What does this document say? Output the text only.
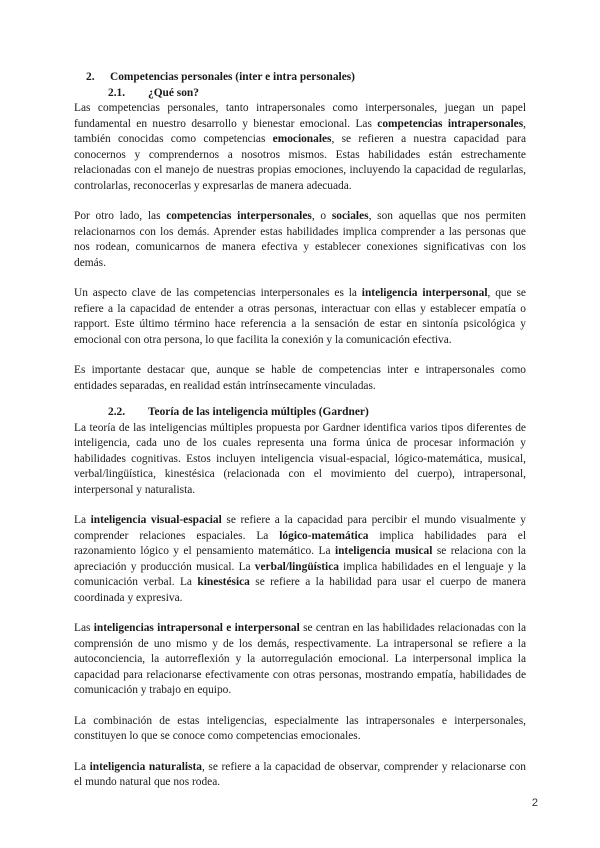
2. Competencias personales (inter e intra personales)
2.1. ¿Qué son?

Las competencias personales, tanto intrapersonales como interpersonales, juegan un papel fundamental en nuestro desarrollo y bienestar emocional. Las competencias intrapersonales, también conocidas como competencias emocionales, se refieren a nuestra capacidad para conocernos y comprendernos a nosotros mismos. Estas habilidades están estrechamente relacionadas con el manejo de nuestras propias emociones, incluyendo la capacidad de regularlas, controlarlas, reconocerlas y expresarlas de manera adecuada.

Por otro lado, las competencias interpersonales, o sociales, son aquellas que nos permiten relacionarnos con los demás. Aprender estas habilidades implica comprender a las personas que nos rodean, comunicarnos de manera efectiva y establecer conexiones significativas con los demás.

Un aspecto clave de las competencias interpersonales es la inteligencia interpersonal, que se refiere a la capacidad de entender a otras personas, interactuar con ellas y establecer empatía o rapport. Este último término hace referencia a la sensación de estar en sintonía psicológica y emocional con otra persona, lo que facilita la conexión y la comunicación efectiva.

Es importante destacar que, aunque se hable de competencias inter e intrapersonales como entidades separadas, en realidad están intrínsecamente vinculadas.

2.2. Teoría de las inteligencia múltiples (Gardner)

La teoría de las inteligencias múltiples propuesta por Gardner identifica varios tipos diferentes de inteligencia, cada uno de los cuales representa una forma única de procesar información y habilidades cognitivas. Estos incluyen inteligencia visual-espacial, lógico-matemática, musical, verbal/lingüística, kinestésica (relacionada con el movimiento del cuerpo), intrapersonal, interpersonal y naturalista.

La inteligencia visual-espacial se refiere a la capacidad para percibir el mundo visualmente y comprender relaciones espaciales. La lógico-matemática implica habilidades para el razonamiento lógico y el pensamiento matemático. La inteligencia musical se relaciona con la apreciación y producción musical. La verbal/lingüística implica habilidades en el lenguaje y la comunicación verbal. La kinestésica se refiere a la habilidad para usar el cuerpo de manera coordinada y expresiva.

Las inteligencias intrapersonal e interpersonal se centran en las habilidades relacionadas con la comprensión de uno mismo y de los demás, respectivamente. La intrapersonal se refiere a la autoconciencia, la autorreflexión y la autorregulación emocional. La interpersonal implica la capacidad para relacionarse efectivamente con otras personas, mostrando empatía, habilidades de comunicación y trabajo en equipo.

La combinación de estas inteligencias, especialmente las intrapersonales e interpersonales, constituyen lo que se conoce como competencias emocionales.

La inteligencia naturalista, se refiere a la capacidad de observar, comprender y relacionarse con el mundo natural que nos rodea.

2
